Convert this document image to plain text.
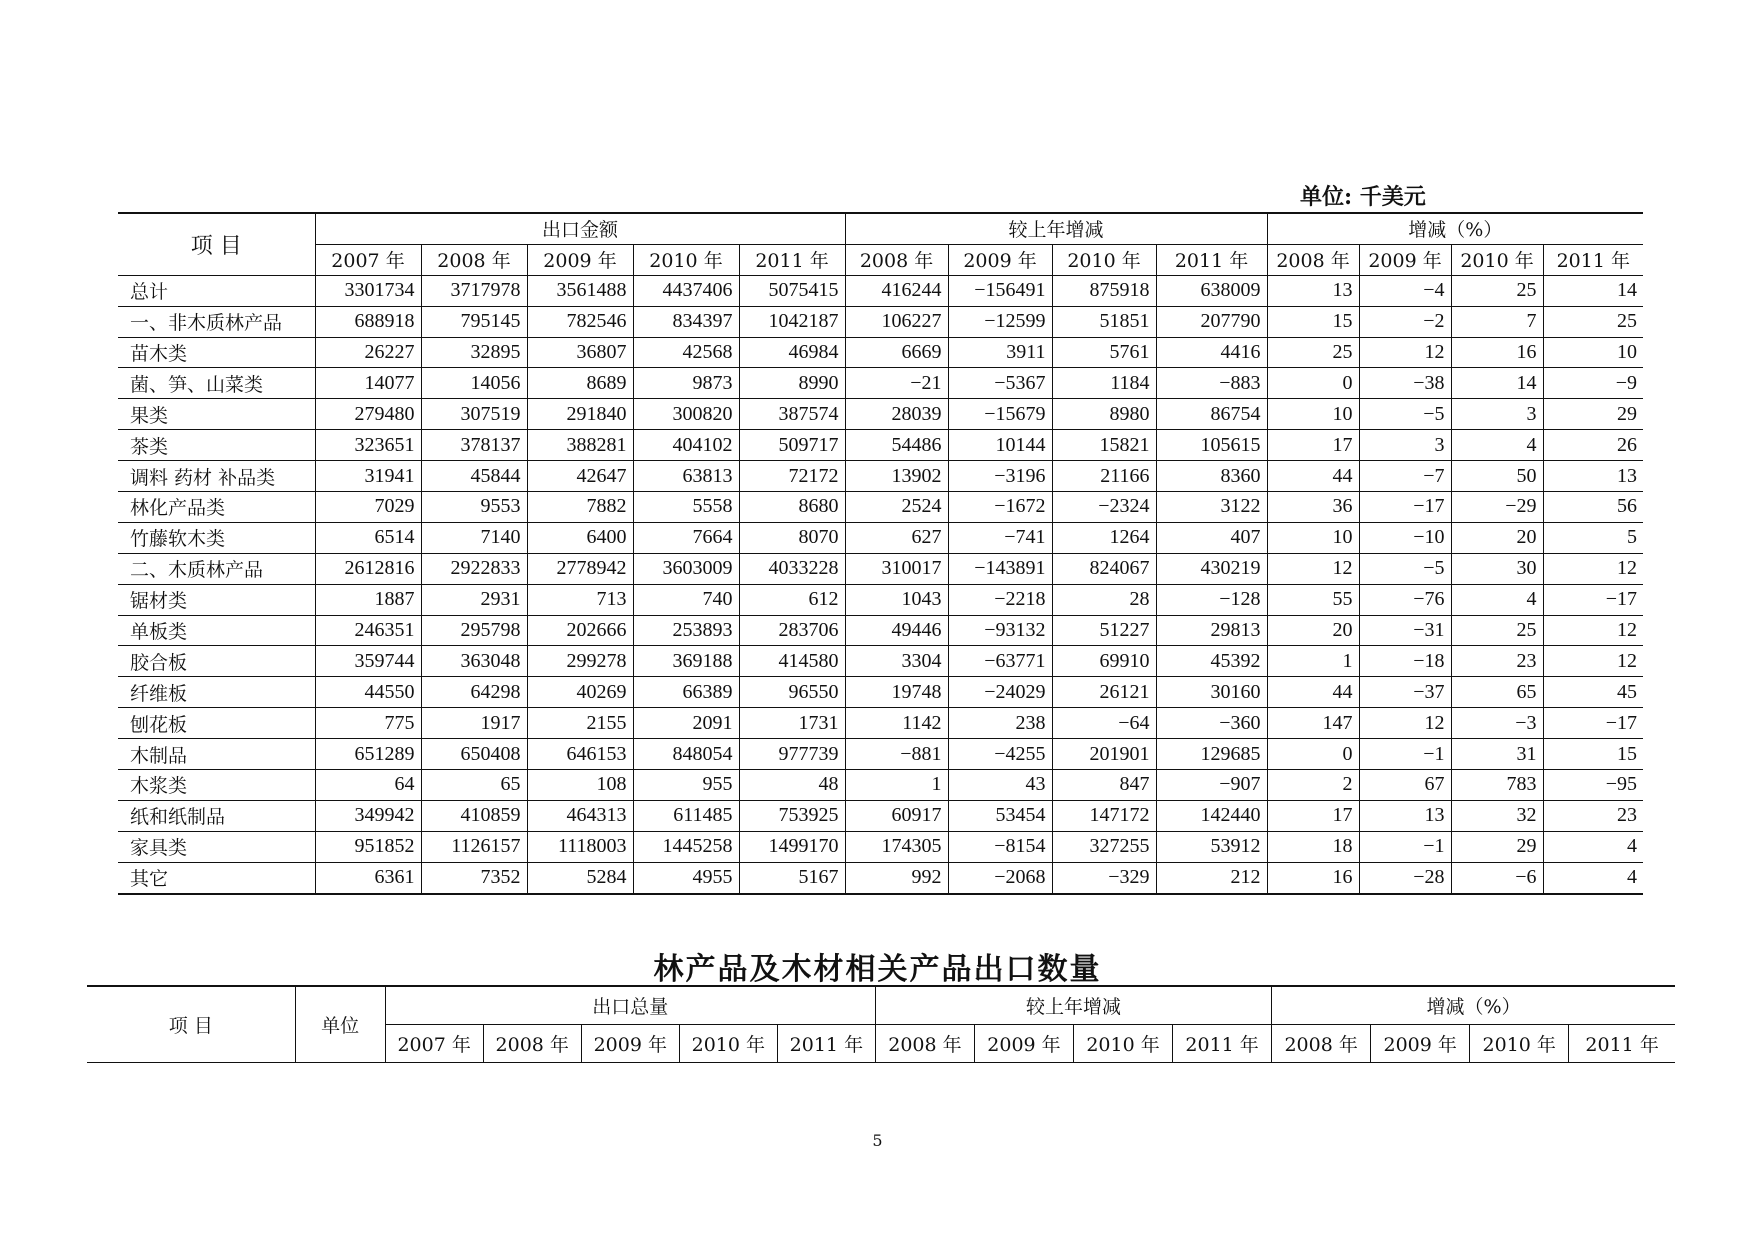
单位: 千美元
项 目	出口金额					较上年增减				增减（%）			
	2007 年	2008 年	2009 年	2010 年	2011 年	2008 年	2009 年	2010 年	2011 年	2008 年	2009 年	2010 年	2011 年
总计	3301734	3717978	3561488	4437406	5075415	416244	−156491	875918	638009	13	−4	25	14
一、非木质林产品	688918	795145	782546	834397	1042187	106227	−12599	51851	207790	15	−2	7	25
苗木类	26227	32895	36807	42568	46984	6669	3911	5761	4416	25	12	16	10
菌、笋、山菜类	14077	14056	8689	9873	8990	−21	−5367	1184	−883	0	−38	14	−9
果类	279480	307519	291840	300820	387574	28039	−15679	8980	86754	10	−5	3	29
茶类	323651	378137	388281	404102	509717	54486	10144	15821	105615	17	3	4	26
调料 药材 补品类	31941	45844	42647	63813	72172	13902	−3196	21166	8360	44	−7	50	13
林化产品类	7029	9553	7882	5558	8680	2524	−1672	−2324	3122	36	−17	−29	56
竹藤软木类	6514	7140	6400	7664	8070	627	−741	1264	407	10	−10	20	5
二、木质林产品	2612816	2922833	2778942	3603009	4033228	310017	−143891	824067	430219	12	−5	30	12
锯材类	1887	2931	713	740	612	1043	−2218	28	−128	55	−76	4	−17
单板类	246351	295798	202666	253893	283706	49446	−93132	51227	29813	20	−31	25	12
胶合板	359744	363048	299278	369188	414580	3304	−63771	69910	45392	1	−18	23	12
纤维板	44550	64298	40269	66389	96550	19748	−24029	26121	30160	44	−37	65	45
刨花板	775	1917	2155	2091	1731	1142	238	−64	−360	147	12	−3	−17
木制品	651289	650408	646153	848054	977739	−881	−4255	201901	129685	0	−1	31	15
木浆类	64	65	108	955	48	1	43	847	−907	2	67	783	−95
纸和纸制品	349942	410859	464313	611485	753925	60917	53454	147172	142440	17	13	32	23
家具类	951852	1126157	1118003	1445258	1499170	174305	−8154	327255	53912	18	−1	29	4
其它	6361	7352	5284	4955	5167	992	−2068	−329	212	16	−28	−6	4
林产品及木材相关产品出口数量
项 目	单位	出口总量					较上年增减				增减（%）			
		2007 年	2008 年	2009 年	2010 年	2011 年	2008 年	2009 年	2010 年	2011 年	2008 年	2009 年	2010 年	2011 年
5
